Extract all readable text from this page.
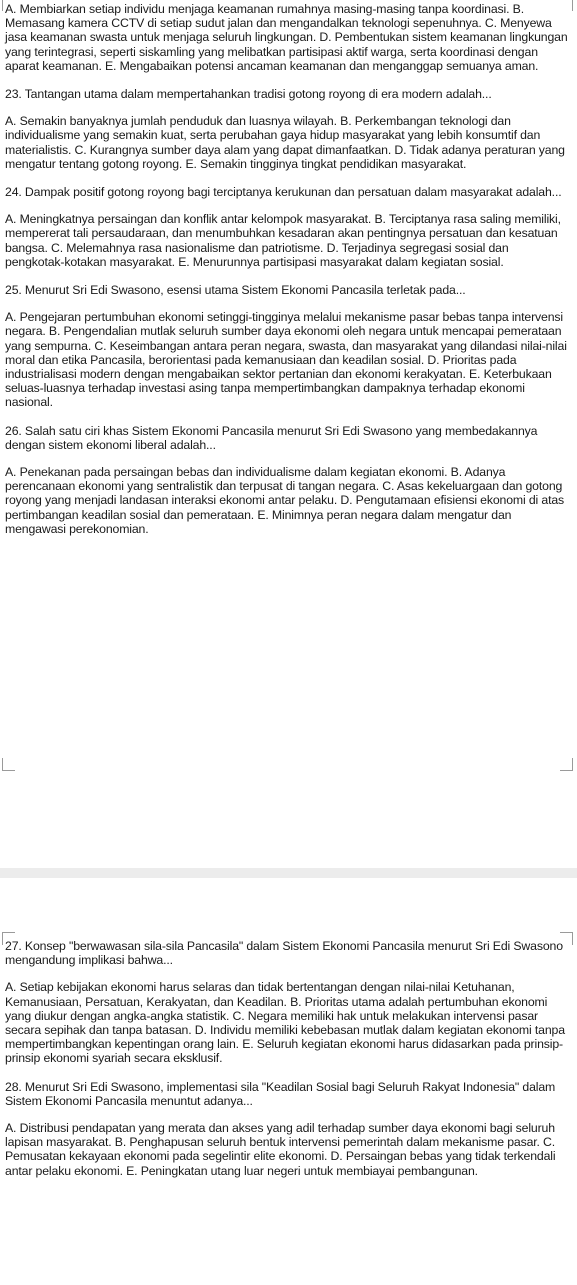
A. Membiarkan setiap individu menjaga keamanan rumahnya masing-masing tanpa koordinasi. B. Memasang kamera CCTV di setiap sudut jalan dan mengandalkan teknologi sepenuhnya. C. Menyewa jasa keamanan swasta untuk menjaga seluruh lingkungan. D. Pembentukan sistem keamanan lingkungan yang terintegrasi, seperti siskamling yang melibatkan partisipasi aktif warga, serta koordinasi dengan aparat keamanan. E. Mengabaikan potensi ancaman keamanan dan menganggap semuanya aman.

23. Tantangan utama dalam mempertahankan tradisi gotong royong di era modern adalah...

A. Semakin banyaknya jumlah penduduk dan luasnya wilayah. B. Perkembangan teknologi dan individualisme yang semakin kuat, serta perubahan gaya hidup masyarakat yang lebih konsumtif dan materialistis. C. Kurangnya sumber daya alam yang dapat dimanfaatkan. D. Tidak adanya peraturan yang mengatur tentang gotong royong. E. Semakin tingginya tingkat pendidikan masyarakat.

24. Dampak positif gotong royong bagi terciptanya kerukunan dan persatuan dalam masyarakat adalah...

A. Meningkatnya persaingan dan konflik antar kelompok masyarakat. B. Terciptanya rasa saling memiliki, mempererat tali persaudaraan, dan menumbuhkan kesadaran akan pentingnya persatuan dan kesatuan bangsa. C. Melemahnya rasa nasionalisme dan patriotisme. D. Terjadinya segregasi sosial dan pengkotak-kotakan masyarakat. E. Menurunnya partisipasi masyarakat dalam kegiatan sosial.

25. Menurut Sri Edi Swasono, esensi utama Sistem Ekonomi Pancasila terletak pada...

A. Pengejaran pertumbuhan ekonomi setinggi-tingginya melalui mekanisme pasar bebas tanpa intervensi negara. B. Pengendalian mutlak seluruh sumber daya ekonomi oleh negara untuk mencapai pemerataan yang sempurna. C. Keseimbangan antara peran negara, swasta, dan masyarakat yang dilandasi nilai-nilai moral dan etika Pancasila, berorientasi pada kemanusiaan dan keadilan sosial. D. Prioritas pada industrialisasi modern dengan mengabaikan sektor pertanian dan ekonomi kerakyatan. E. Keterbukaan seluas-luasnya terhadap investasi asing tanpa mempertimbangkan dampaknya terhadap ekonomi nasional.

26. Salah satu ciri khas Sistem Ekonomi Pancasila menurut Sri Edi Swasono yang membedakannya dengan sistem ekonomi liberal adalah...

A. Penekanan pada persaingan bebas dan individualisme dalam kegiatan ekonomi. B. Adanya perencanaan ekonomi yang sentralistik dan terpusat di tangan negara. C. Asas kekeluargaan dan gotong royong yang menjadi landasan interaksi ekonomi antar pelaku. D. Pengutamaan efisiensi ekonomi di atas pertimbangan keadilan sosial dan pemerataan. E. Minimnya peran negara dalam mengatur dan mengawasi perekonomian.

27. Konsep "berwawasan sila-sila Pancasila" dalam Sistem Ekonomi Pancasila menurut Sri Edi Swasono mengandung implikasi bahwa...

A. Setiap kebijakan ekonomi harus selaras dan tidak bertentangan dengan nilai-nilai Ketuhanan, Kemanusiaan, Persatuan, Kerakyatan, dan Keadilan. B. Prioritas utama adalah pertumbuhan ekonomi yang diukur dengan angka-angka statistik. C. Negara memiliki hak untuk melakukan intervensi pasar secara sepihak dan tanpa batasan. D. Individu memiliki kebebasan mutlak dalam kegiatan ekonomi tanpa mempertimbangkan kepentingan orang lain. E. Seluruh kegiatan ekonomi harus didasarkan pada prinsip-prinsip ekonomi syariah secara eksklusif.

28. Menurut Sri Edi Swasono, implementasi sila "Keadilan Sosial bagi Seluruh Rakyat Indonesia" dalam Sistem Ekonomi Pancasila menuntut adanya...

A. Distribusi pendapatan yang merata dan akses yang adil terhadap sumber daya ekonomi bagi seluruh lapisan masyarakat. B. Penghapusan seluruh bentuk intervensi pemerintah dalam mekanisme pasar. C. Pemusatan kekayaan ekonomi pada segelintir elite ekonomi. D. Persaingan bebas yang tidak terkendali antar pelaku ekonomi. E. Peningkatan utang luar negeri untuk membiayai pembangunan.
